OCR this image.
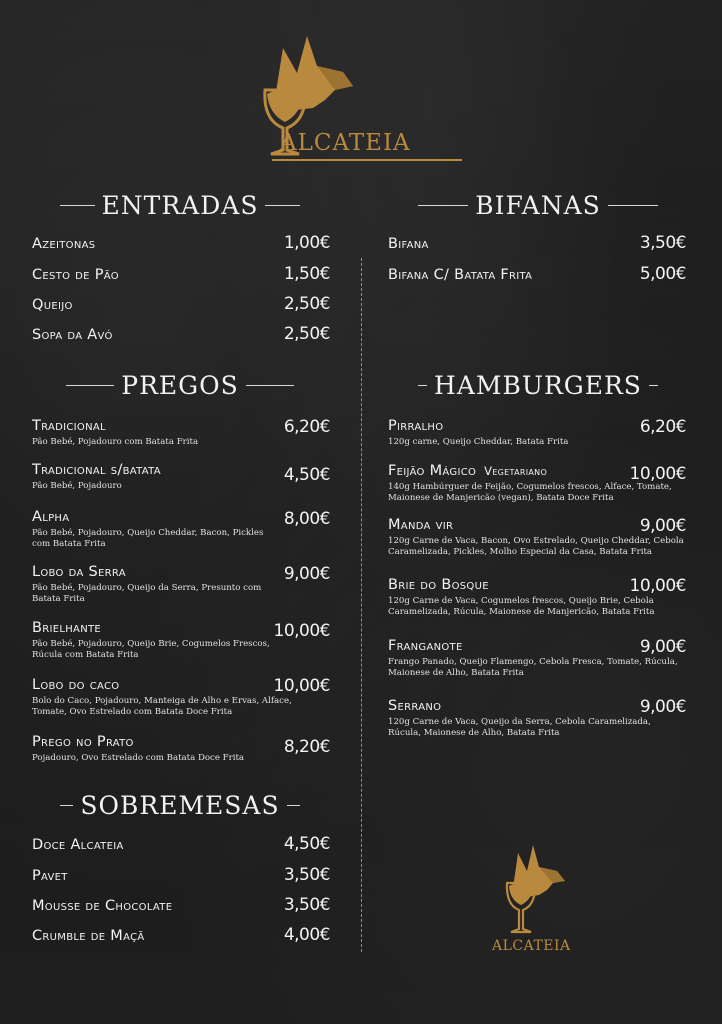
ALCATEIA
ENTRADAS
Azeitonas	1,00€
Cesto de Pão	1,50€
Queijo	2,50€
Sopa da Avó	2,50€
PREGOS
Tradicional	6,20€
Pão Bebé, Pojadouro com Batata Frita
Tradicional s/batata	4,50€
Pão Bebé, Pojadouro
Alpha	8,00€
Pão Bebé, Pojadouro, Queijo Cheddar, Bacon, Pickles com Batata Frita
Lobo da Serra	9,00€
Pão Bebé, Pojadouro, Queijo da Serra, Presunto com Batata Frita
Brielhante	10,00€
Pão Bebé, Pojadouro, Queijo Brie, Cogumelos Frescos, Rúcula com Batata Frita
Lobo do caco	10,00€
Bolo do Caco, Pojadouro, Manteiga de Alho e Ervas, Alface, Tomate, Ovo Estrelado com Batata Doce Frita
Prego no Prato	8,20€
Pojadouro, Ovo Estrelado com Batata Doce Frita
SOBREMESAS
Doce Alcateia	4,50€
Pavet	3,50€
Mousse de Chocolate	3,50€
Crumble de Maçã	4,00€
BIFANAS
Bifana	3,50€
Bifana C/ Batata Frita	5,00€
HAMBURGERS
Pirralho	6,20€
120g carne, Queijo Cheddar, Batata Frita
Feijão Mágico Vegetariano	10,00€
140g Hambúrguer de Feijão, Cogumelos frescos, Alface, Tomate, Maionese de Manjericão (vegan), Batata Doce Frita
Manda vir	9,00€
120g Carne de Vaca, Bacon, Ovo Estrelado, Queijo Cheddar, Cebola Caramelizada, Pickles, Molho Especial da Casa, Batata Frita
Brie do Bosque	10,00€
120g Carne de Vaca, Cogumelos frescos, Queijo Brie, Cebola Caramelizada, Rúcula, Maionese de Manjericão, Batata Frita
Franganote	9,00€
Frango Panado, Queijo Flamengo, Cebola Fresca, Tomate, Rúcula, Maionese de Alho, Batata Frita
Serrano	9,00€
120g Carne de Vaca, Queijo da Serra, Cebola Caramelizada, Rúcula, Maionese de Alho, Batata Frita
ALCATEIA
